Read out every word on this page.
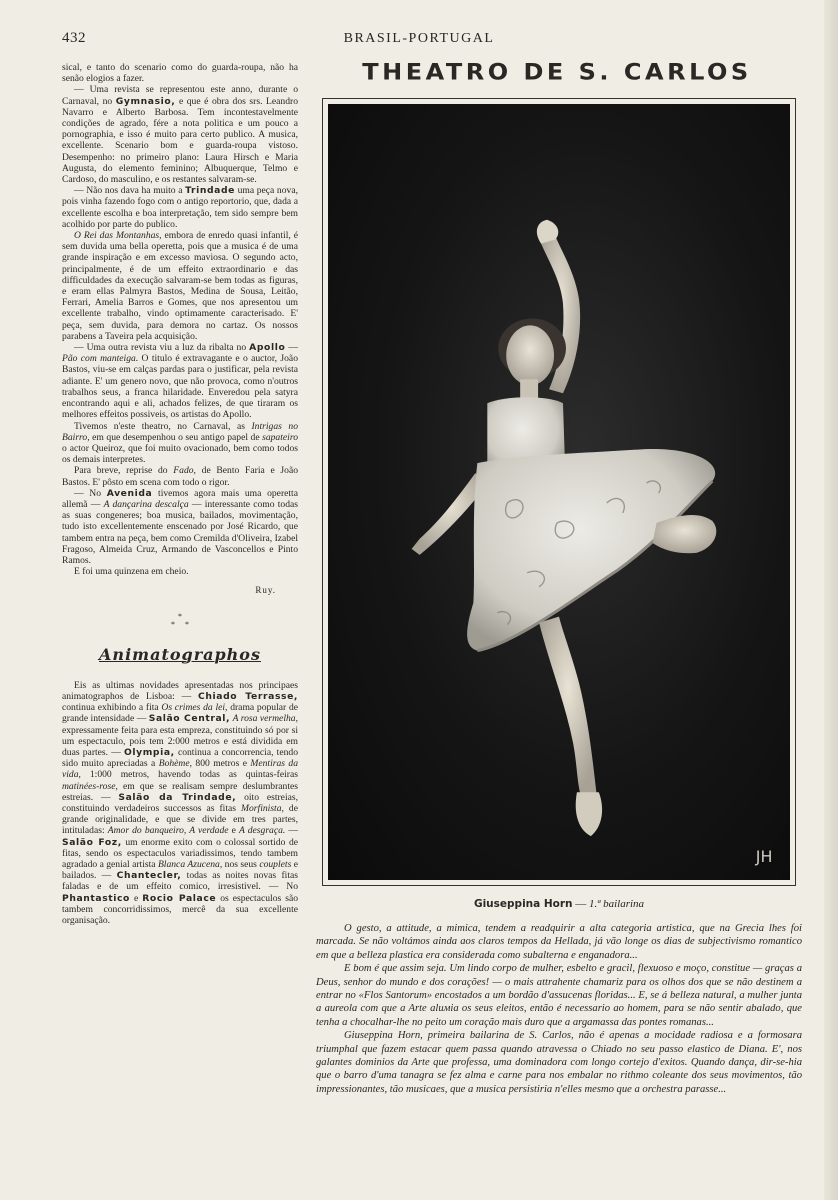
432	BRASIL-PORTUGAL

sical, e tanto do scenario como do guarda-roupa, não ha senão elogios a fazer.

— Uma revista se representou este anno, durante o Carnaval, no Gymnasio, e que é obra dos srs. Leandro Navarro e Alberto Barbosa. Tem incontestavelmente condições de agrado, fére a nota politica e um pouco a pornographia, e isso é muito para certo publico. A musica, excellente. Scenario bom e guarda-roupa vistoso. Desempenho: no primeiro plano: Laura Hirsch e Maria Augusta, do elemento feminino; Albuquerque, Telmo e Cardoso, do masculino, e os restantes salvaram-se.

— Não nos dava ha muito a Trindade uma peça nova, pois vinha fazendo fogo com o antigo reportorio, que, dada a excellente escolha e boa interpretação, tem sido sempre bem acolhido por parte do publico.

O Rei das Montanhas, embora de enredo quasi infantil, é sem duvida uma bella operetta, pois que a musica é de uma grande inspiração e em excesso maviosa. O segundo acto, principalmente, é de um effeito extraordinario e das difficuldades da execução salvaram-se bem todas as figuras, e eram ellas Palmyra Bastos, Medina de Sousa, Leitão, Ferrari, Amelia Barros e Gomes, que nos apresentou um excellente trabalho, vindo optimamente caracterisado. E' peça, sem duvida, para demora no cartaz. Os nossos parabens a Taveira pela acquisição.

— Uma outra revista viu a luz da ribalta no Apollo — Pão com manteiga. O titulo é extravagante e o auctor, João Bastos, viu-se em calças pardas para o justificar, pela revista adiante. E' um genero novo, que não provoca, como n'outros trabalhos seus, a franca hilaridade. Enveredou pela satyra encontrando aqui e ali, achados felizes, de que tiraram os melhores effeitos possiveis, os artistas do Apollo.

Tivemos n'este theatro, no Carnaval, as Intrigas no Bairro, em que desempenhou o seu antigo papel de sapateiro o actor Queiroz, que foi muito ovacionado, bem como todos os demais interpretes.

Para breve, reprise do Fado, de Bento Faria e João Bastos. E' pôsto em scena com todo o rigor.

— No Avenida tivemos agora mais uma operetta allemã — A dançarina descalça — interessante como todas as suas congeneres; boa musica, bailados, movimentação, tudo isto excellentemente enscenado por José Ricardo, que tambem entra na peça, bem como Cremilda d'Oliveira, Izabel Fragoso, Almeida Cruz, Armando de Vasconcellos e Pinto Ramos.

E foi uma quinzena em cheio.

Ruy.

*
* *
Animatographos

Eis as ultimas novidades apresentadas nos principaes animatographos de Lisboa: — Chiado Terrasse, continua exhibindo a fita Os crimes da lei, drama popular de grande intensidade — Salão Central, A rosa vermelha, expressamente feita para esta empreza, constituindo só por si um espectaculo, pois tem 2:000 metros e está dividida em duas partes. — Olympia, continua a concorrencia, tendo sido muito apreciadas a Bohème, 800 metros e Mentiras da vida, 1:000 metros, havendo todas as quintas-feiras matinées-rose, em que se realisam sempre deslumbrantes estreias. — Salão da Trindade, oito estreias, constituindo verdadeiros successos as fitas Morfinista, de grande originalidade, e que se divide em tres partes, intituladas: Amor do banqueiro, A verdade e A desgraça. — Salão Foz, um enorme exito com o colossal sortido de fitas, sendo os espectaculos variadissimos, tendo tambem agradado a genial artista Blanca Azucena, nos seus couplets e bailados. — Chantecler, todas as noites novas fitas faladas e de um effeito comico, irresistivel. — No Phantastico e Rocio Palace os espectaculos são tambem concorridissimos, mercê da sua excellente organisação.

THEATRO DE S. CARLOS
JH
Giuseppina Horn — 1.ª bailarina

O gesto, a attitude, a mimica, tendem a readquirir a alta categoria artistica, que na Grecia lhes foi marcada. Se não voltámos ainda aos claros tempos da Hellada, já vão longe os dias de subjectivismo romantico em que a belleza plastica era considerada como subalterna e enganadora...

E bom é que assim seja. Um lindo corpo de mulher, esbelto e gracil, flexuoso e moço, constitue — graças a Deus, senhor do mundo e dos corações! — o mais attrahente chamariz para os olhos dos que se não destinem a entrar no «Flos Santorum» encostados a um bordão d'assucenas floridas... E, se á belleza natural, a mulher junta a aureola com que a Arte aluмia os seus eleitos, então é necessario ao homem, para se não sentir abalado, que tenha a chocalhar-lhe no peito um coração mais duro que a argamassa das pontes romanas...

Giuseppina Horn, primeira bailarina de S. Carlos, não é apenas a mocidade radiosa e a formosara triumphal que fazem estacar quem passa quando atravessa o Chiado no seu passo elastico de Diana. E', nos galantes dominios da Arte que professa, uma dominadora com longo cortejo d'exitos. Quando dança, dir-se-hia que o barro d'uma tanagra se fez alma e carne para nos embalar no rithmo coleante dos seus movimentos, tão impressionantes, tão musicaes, que a musica persistiria n'elles mesmo que a orchestra parasse...
